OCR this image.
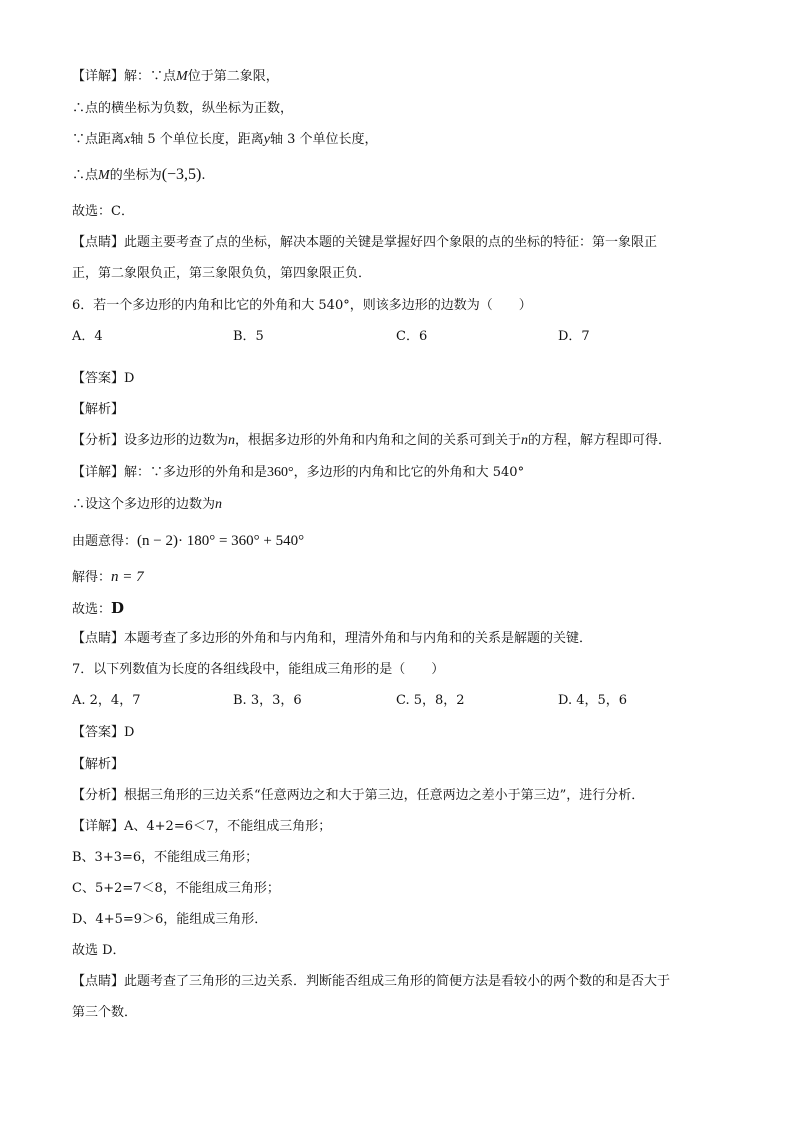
【详解】解：∵点M位于第二象限，
∴点的横坐标为负数，纵坐标为正数，
∵点距离x轴 5 个单位长度，距离y轴 3 个单位长度，
∴点M的坐标为(−3,5).
故选：C．
【点睛】此题主要考查了点的坐标，解决本题的关键是掌握好四个象限的点的坐标的特征：第一象限正
正，第二象限负正，第三象限负负，第四象限正负．
6．若一个多边形的内角和比它的外角和大 540°，则该多边形的边数为（　　）
A．4	B．5	C．6	D．7
【答案】D
【解析】
【分析】设多边形的边数为n，根据多边形的外角和内角和之间的关系可到关于n的方程，解方程即可得．
【详解】解：∵多边形的外角和是360°，多边形的内角和比它的外角和大 540°
∴设这个多边形的边数为n
由题意得：(n − 2)· 180° = 360° + 540°
解得：n = 7
故选：D
【点睛】本题考查了多边形的外角和与内角和，理清外角和与内角和的关系是解题的关键．
7．以下列数值为长度的各组线段中，能组成三角形的是（　　）
A. 2，4，7	B. 3，3，6	C. 5，8，2	D. 4，5，6
【答案】D
【解析】
【分析】根据三角形的三边关系“任意两边之和大于第三边，任意两边之差小于第三边”，进行分析．
【详解】A、4+2=6＜7，不能组成三角形；
B、3+3=6，不能组成三角形；
C、5+2=7＜8，不能组成三角形；
D、4+5=9＞6，能组成三角形．
故选 D．
【点睛】此题考查了三角形的三边关系．判断能否组成三角形的简便方法是看较小的两个数的和是否大于
第三个数．
